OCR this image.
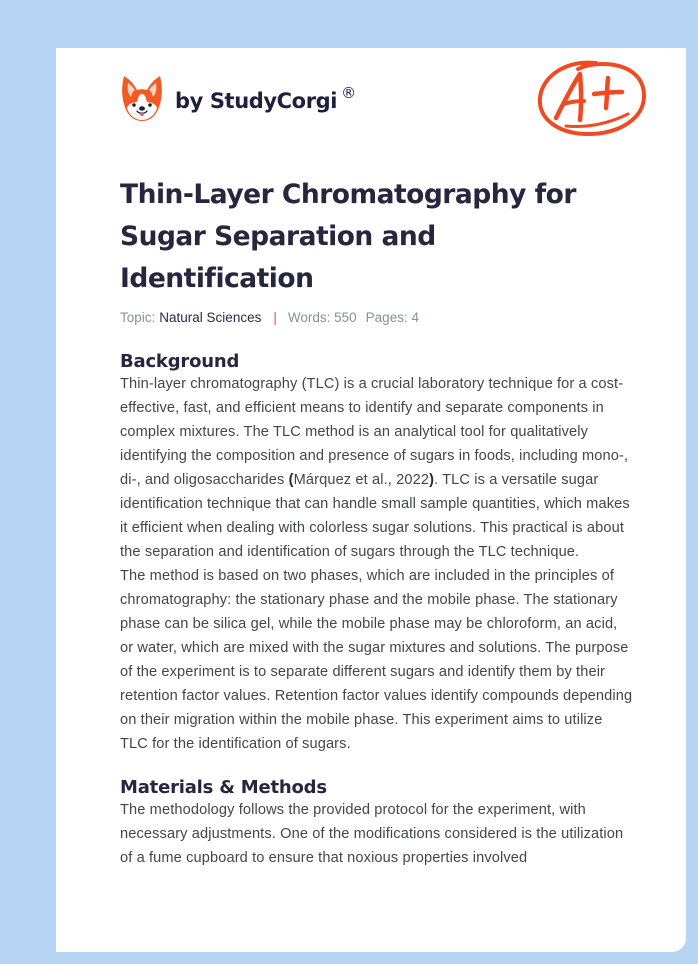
by StudyCorgi ®
Thin-Layer Chromatography for Sugar Separation and Identification
Topic: Natural Sciences | Words: 550 Pages: 4
Background

Thin-layer chromatography (TLC) is a crucial laboratory technique for a cost-effective, fast, and efficient means to identify and separate components in complex mixtures. The TLC method is an analytical tool for qualitatively identifying the composition and presence of sugars in foods, including mono-, di-, and oligosaccharides (Márquez et al., 2022). TLC is a versatile sugar identification technique that can handle small sample quantities, which makes it efficient when dealing with colorless sugar solutions. This practical is about the separation and identification of sugars through the TLC technique.

The method is based on two phases, which are included in the principles of chromatography: the stationary phase and the mobile phase. The stationary phase can be silica gel, while the mobile phase may be chloroform, an acid, or water, which are mixed with the sugar mixtures and solutions. The purpose of the experiment is to separate different sugars and identify them by their retention factor values. Retention factor values identify compounds depending on their migration within the mobile phase. This experiment aims to utilize TLC for the identification of sugars.

Materials & Methods

The methodology follows the provided protocol for the experiment, with necessary adjustments. One of the modifications considered is the utilization of a fume cupboard to ensure that noxious properties involved
